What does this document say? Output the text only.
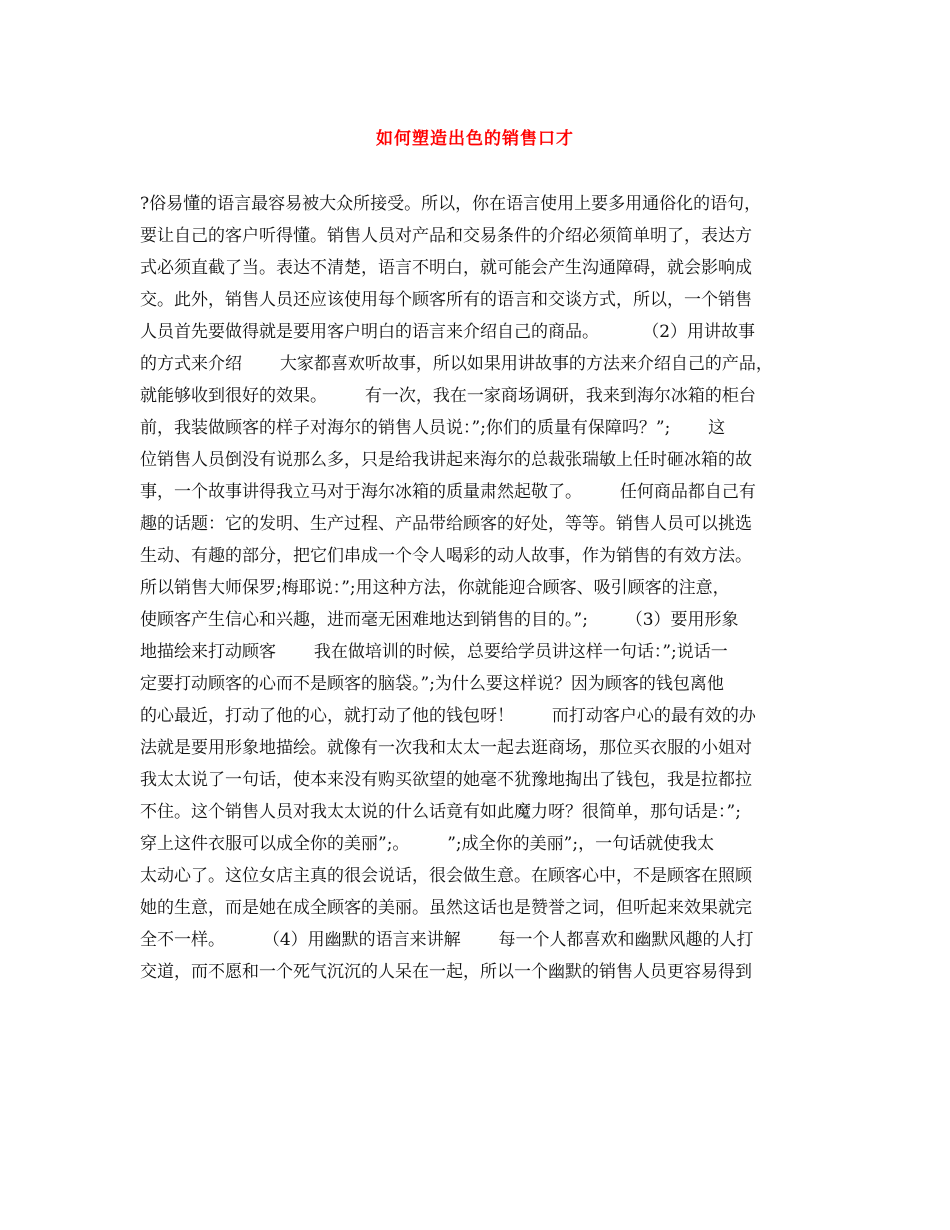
如何塑造出色的销售口才
?俗易懂的语言最容易被大众所接受。所以，你在语言使用上要多用通俗化的语句，
要让自己的客户听得懂。销售人员对产品和交易条件的介绍必须简单明了，表达方
式必须直截了当。表达不清楚，语言不明白，就可能会产生沟通障碍，就会影响成
交。此外，销售人员还应该使用每个顾客所有的语言和交谈方式，所以，一个销售
人员首先要做得就是要用客户明白的语言来介绍自己的商品。        （2）用讲故事
的方式来介绍       大家都喜欢听故事，所以如果用讲故事的方法来介绍自己的产品，
就能够收到很好的效果。       有一次，我在一家商场调研，我来到海尔冰箱的柜台
前，我装做顾客的样子对海尔的销售人员说：”;你们的质量有保障吗？”;       这
位销售人员倒没有说那么多，只是给我讲起来海尔的总裁张瑞敏上任时砸冰箱的故
事，一个故事讲得我立马对于海尔冰箱的质量肃然起敬了。       任何商品都自己有
趣的话题：它的发明、生产过程、产品带给顾客的好处，等等。销售人员可以挑选
生动、有趣的部分，把它们串成一个令人喝彩的动人故事，作为销售的有效方法。
所以销售大师保罗;梅耶说：”;用这种方法，你就能迎合顾客、吸引顾客的注意，
使顾客产生信心和兴趣，进而毫无困难地达到销售的目的。”;       （3）要用形象
地描绘来打动顾客       我在做培训的时候，总要给学员讲这样一句话：”;说话一
定要打动顾客的心而不是顾客的脑袋。”;为什么要这样说？因为顾客的钱包离他
的心最近，打动了他的心，就打动了他的钱包呀！       而打动客户心的最有效的办
法就是要用形象地描绘。就像有一次我和太太一起去逛商场，那位买衣服的小姐对
我太太说了一句话，使本来没有购买欲望的她毫不犹豫地掏出了钱包，我是拉都拉
不住。这个销售人员对我太太说的什么话竟有如此魔力呀？很简单，那句话是：”;
穿上这件衣服可以成全你的美丽”;。       ”;成全你的美丽”;，一句话就使我太
太动心了。这位女店主真的很会说话，很会做生意。在顾客心中，不是顾客在照顾
她的生意，而是她在成全顾客的美丽。虽然这话也是赞誉之词，但听起来效果就完
全不一样。       （4）用幽默的语言来讲解       每一个人都喜欢和幽默风趣的人打
交道，而不愿和一个死气沉沉的人呆在一起，所以一个幽默的销售人员更容易得到
